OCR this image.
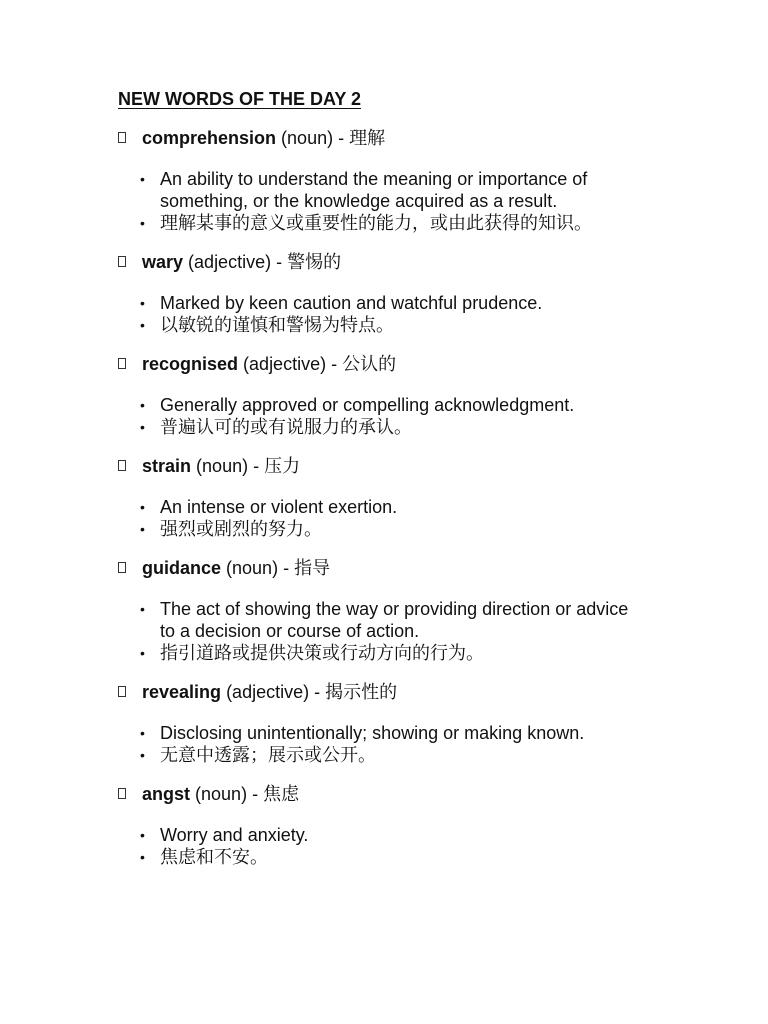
NEW WORDS OF THE DAY 2
comprehension (noun) - 理解
• An ability to understand the meaning or importance of something, or the knowledge acquired as a result.
• 理解某事的意义或重要性的能力，或由此获得的知识。
wary (adjective) - 警惕的
• Marked by keen caution and watchful prudence.
• 以敏锐的谨慎和警惕为特点。
recognised (adjective) - 公认的
• Generally approved or compelling acknowledgment.
• 普遍认可的或有说服力的承认。
strain (noun) - 压力
• An intense or violent exertion.
• 强烈或剧烈的努力。
guidance (noun) - 指导
• The act of showing the way or providing direction or advice to a decision or course of action.
• 指引道路或提供决策或行动方向的行为。
revealing (adjective) - 揭示性的
• Disclosing unintentionally; showing or making known.
• 无意中透露；展示或公开。
angst (noun) - 焦虑
• Worry and anxiety.
• 焦虑和不安。
